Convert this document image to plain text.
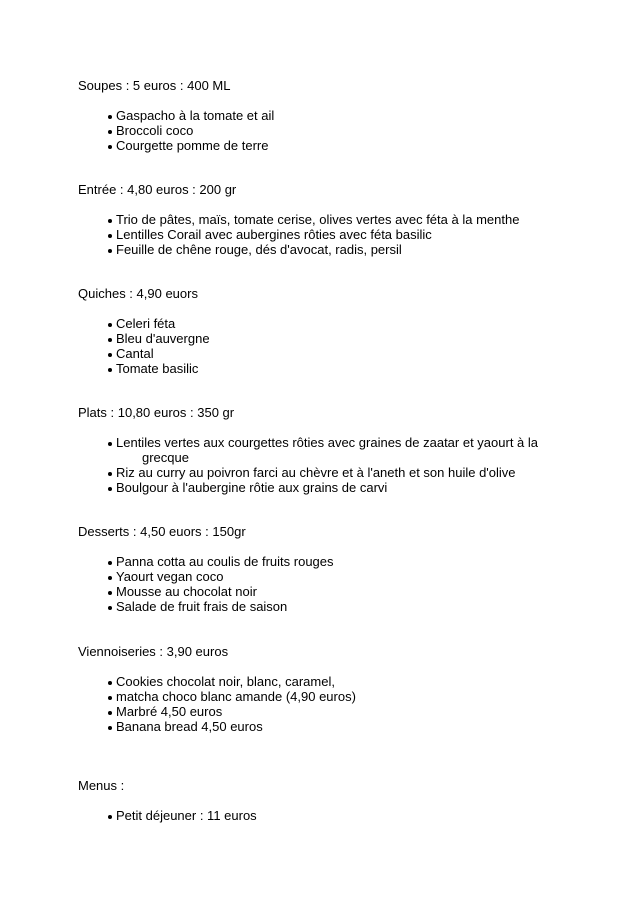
Soupes : 5 euros : 400 ML
Gaspacho à la tomate et ail
Broccoli coco
Courgette pomme de terre
Entrée : 4,80 euros : 200 gr
Trio de pâtes, maïs, tomate cerise, olives vertes avec féta à la menthe
Lentilles Corail avec aubergines rôties avec féta basilic
Feuille de chêne rouge, dés d'avocat, radis, persil
Quiches : 4,90 euors
Celeri féta
Bleu d'auvergne
Cantal
Tomate basilic
Plats : 10,80 euros : 350 gr
Lentiles vertes aux courgettes rôties avec graines de zaatar et yaourt à la grecque
Riz au curry au poivron farci au chèvre et à l'aneth et son huile d'olive
Boulgour à l'aubergine rôtie aux grains de carvi
Desserts : 4,50 euors : 150gr
Panna cotta au coulis de fruits rouges
Yaourt vegan coco
Mousse au chocolat noir
Salade de fruit frais de saison
Viennoiseries : 3,90 euros
Cookies chocolat noir, blanc, caramel,
matcha choco blanc amande (4,90 euros)
Marbré 4,50 euros
Banana bread 4,50 euros
Menus :
Petit déjeuner : 11 euros
